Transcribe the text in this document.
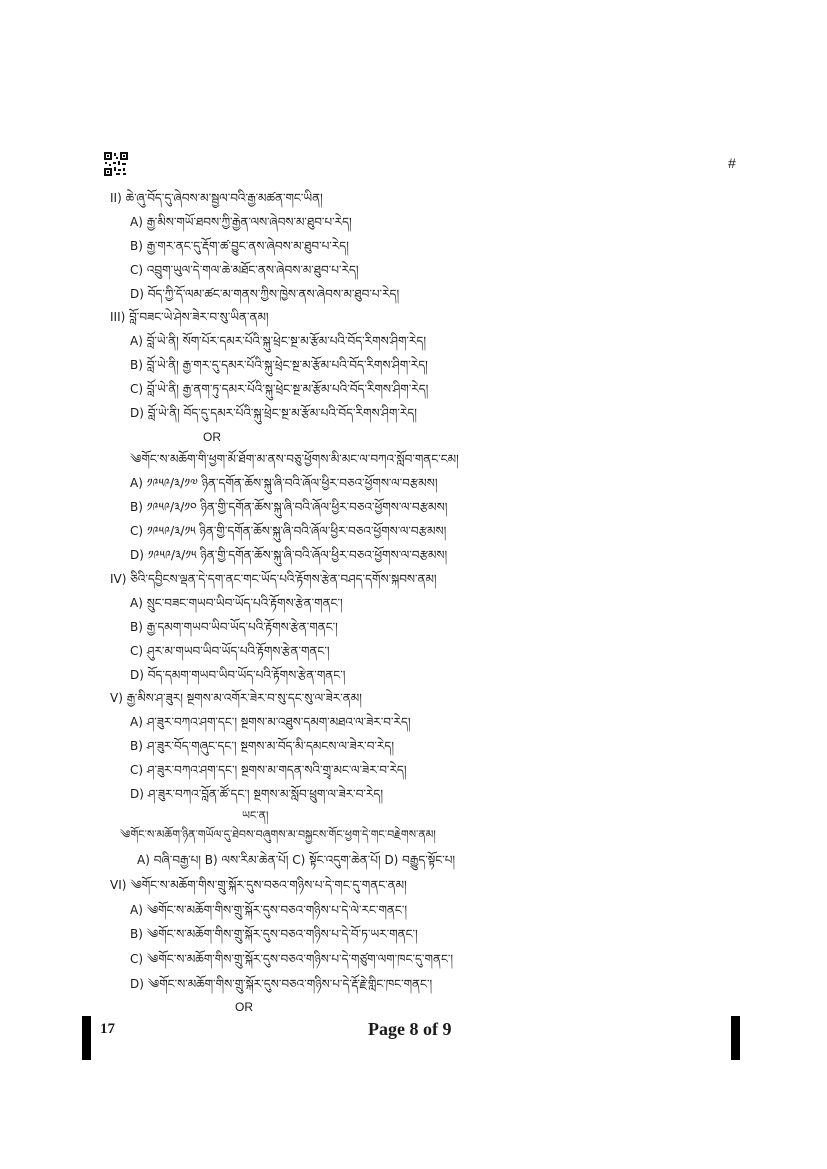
#
II) ཆེ་ཞུ་བོད་དུ་ཞེབས་མ་སྦྱལ་བའི་རྒྱ་མཚན་གང་ཡིན།
A) རྒྱ་མིས་གཡོ་ཐབས་ཀྱི་རྒྱེན་ལས་ཞེབས་མ་ཐུབ་པ་རེད།
B) རྒྱ་གར་ནང་དུ་རྡོག་ཚ་བྱུང་ནས་ཞེབས་མ་ཐུབ་པ་རེད།
C) འབྲུག་ཡུལ་དེ་གལ་ཆེ་མཐོང་ནས་ཞེབས་མ་ཐུབ་པ་རེད།
D) བོད་ཀྱི་དོ་ལམ་ཚང་མ་གནས་ཀྱིས་ཁྱེས་ནས་ཞེབས་མ་ཐུབ་པ་རེད།
III) བློ་བཟང་ཡེ་ཤེས་ཟེར་བ་སུ་ཡིན་ནམ།
A) བློ་ཡེ་ནི། སོག་པོར་དམར་པོའི་སྐུ་ཕྲེང་སྔ་མ་རྩོམ་པའི་བོད་རིགས་ཤིག་རེད།
B) བློ་ཡེ་ནི། རྒྱ་གར་དུ་དམར་པོའི་སྐུ་ཕྲེང་སྔ་མ་རྩོམ་པའི་བོད་རིགས་ཤིག་རེད།
C) བློ་ཡེ་ནི། རྒྱ་ནག་ཏུ་དམར་པོའི་སྐུ་ཕྲེང་སྔ་མ་རྩོམ་པའི་བོད་རིགས་ཤིག་རེད།
D) བློ་ཡེ་ནི། བོད་དུ་དམར་པོའི་སྐུ་ཕྲེང་སྔ་མ་རྩོམ་པའི་བོད་རིགས་ཤིག་རེད།
OR
༄གོང་ས་མཆོག་གི་ཕྱག་མོ་ཐོག་མ་ནས་བཅུ་ཕྱོགས་མི་མང་ལ་བཀའ་སློབ་གནང་ངམ།
A) ༡༩༥༩/༣/༡༧ ཉིན་དགོན་ཆོས་སྐུ་ཞི་བའི་ཞོལ་ཕྱིར་བཅའ་ཕྱོགས་ལ་བརྩམས།
B) ༡༩༥༩/༣/༡༠ ཉིན་གྱི་དགོན་ཆོས་སྐུ་ཞི་བའི་ཞོལ་ཕྱིར་བཅའ་ཕྱོགས་ལ་བརྩམས།
C) ༡༩༥༩/༣/༡༥ ཉིན་གྱི་དགོན་ཆོས་སྐུ་ཞི་བའི་ཞོལ་ཕྱིར་བཅའ་ཕྱོགས་ལ་བརྩམས།
D) ༡༩༥༩/༣/༡༥ ཉིན་གྱི་དགོན་ཆོས་སྐུ་ཞི་བའི་ཞོལ་ཕྱིར་བཅའ་ཕྱོགས་ལ་བརྩམས།
IV) ཅིའི་དབྱིངས་ལྡན་དེ་དག་ནང་གང་ཡོད་པའི་རྟོགས་རྩེན་བཤད་དགོས་སྐབས་ནམ།
A) སྲུང་བཟང་གཡབ་ཡིབ་ཡོད་པའི་རྟོགས་རྩེན་གནང་།
B) རྒྱ་དམག་གཡབ་ཡིབ་ཡོད་པའི་རྟོགས་རྩེན་གནང་།
C) ཤུར་མ་གཡབ་ཡིབ་ཡོད་པའི་རྟོགས་རྩེན་གནང་།
D) བོད་དམག་གཡབ་ཡིབ་ཡོད་པའི་རྟོགས་རྩེན་གནང་།
V) རྒྱ་མིས་ཤ་ཟུར། སྔགས་མ་འགོར་ཟེར་བ་སུ་དང་སུ་ལ་ཟེར་ནམ།
A) ཤ་ཟུར་བཀའ་ཤག་དང་། སྔགས་མ་འཐུས་དམག་མཐའ་ལ་ཟེར་བ་རེད།
B) ཤ་ཟུར་བོད་གཞུང་དང་། སྔགས་མ་བོད་མི་དམངས་ལ་ཟེར་བ་རེད།
C) ཤ་ཟུར་བཀའ་ཤག་དང་། སྔགས་མ་གདན་སའི་གྲྭ་མང་ལ་ཟེར་བ་རེད།
D) ཤ་ཟུར་བཀའ་བློན་ཚོ་དང་། སྔགས་མ་སློབ་ཕྲུག་ལ་ཟེར་བ་རེད།
ཡང་ན།
༄གོང་ས་མཆོག་ཉིན་གཡོལ་དུ་ཐེབས་བཞུགས་མ་བསྐྱངས་གོང་ཕྱག་དེ་གང་བརྗེགས་ནམ།
A) བཞི་བརྒྱ་པ། B) ལས་རིམ་ཆེན་པོ། C) སྟོང་འདུག་ཆེན་པོ། D) བརྒྱུད་སྟོང་པ།
VI) ༄གོང་ས་མཆོག་གིས་གྲུ་སྐོར་དུས་བཅའ་གཉིས་པ་དེ་གང་དུ་གནང་ནམ།
A) ༄གོང་ས་མཆོག་གིས་གྲུ་སྐོར་དུས་བཅའ་གཉིས་པ་དེ་ལེ་རང་གནང་།
B) ༄གོང་ས་མཆོག་གིས་གྲུ་སྐོར་དུས་བཅའ་གཉིས་པ་དེ་བོ་ཏ་ཡར་གནང་།
C) ༄གོང་ས་མཆོག་གིས་གྲུ་སྐོར་དུས་བཅའ་གཉིས་པ་དེ་གཙུག་ལག་ཁང་དུ་གནང་།
D) ༄གོང་ས་མཆོག་གིས་གྲུ་སྐོར་དུས་བཅའ་གཉིས་པ་དེ་རྡོ་རྗེ་གླིང་ཁང་གནང་།
OR
17	Page 8 of 9
